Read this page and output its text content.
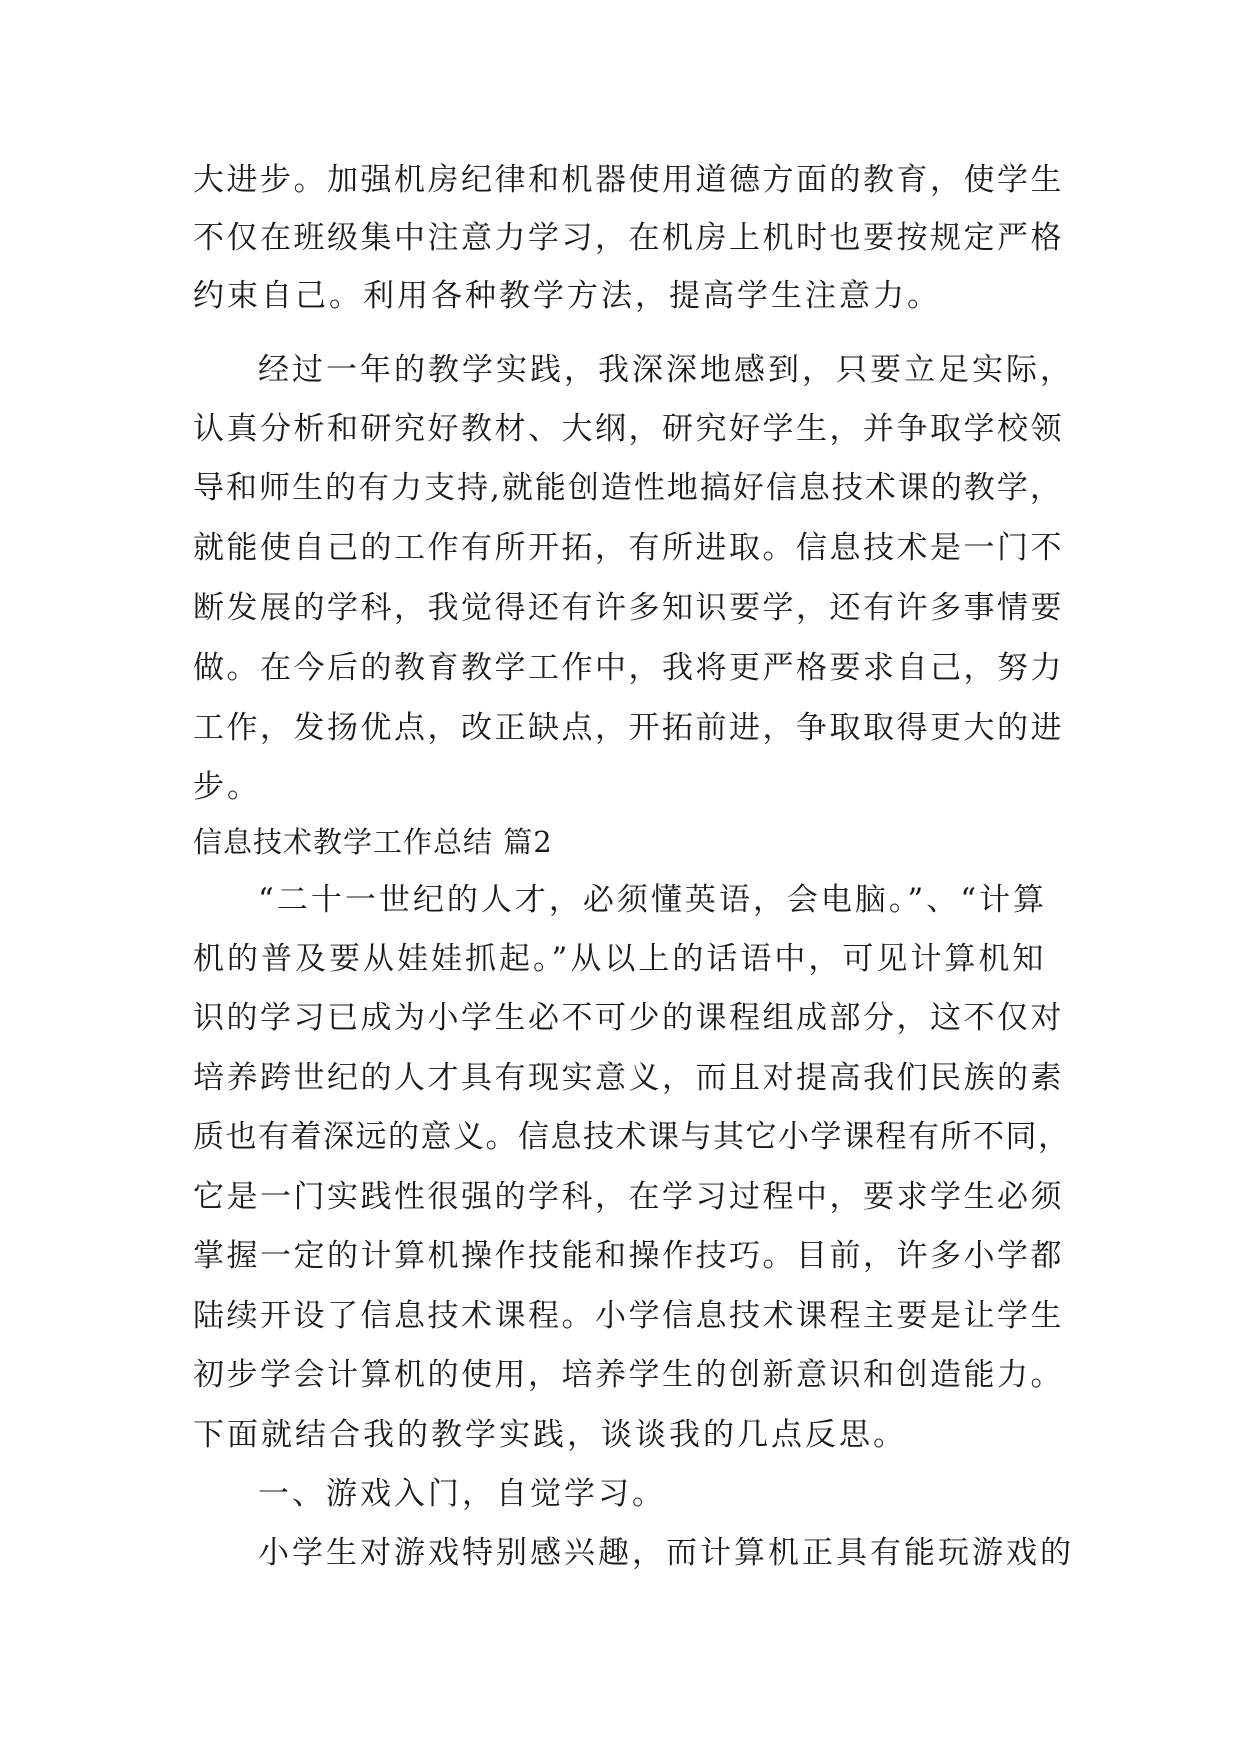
大进步。加强机房纪律和机器使用道德方面的教育，使学生
不仅在班级集中注意力学习，在机房上机时也要按规定严格
约束自己。利用各种教学方法，提高学生注意力。
经过一年的教学实践，我深深地感到，只要立足实际，
认真分析和研究好教材、大纲，研究好学生，并争取学校领
导和师生的有力支持,就能创造性地搞好信息技术课的教学，
就能使自己的工作有所开拓，有所进取。信息技术是一门不
断发展的学科，我觉得还有许多知识要学，还有许多事情要
做。在今后的教育教学工作中，我将更严格要求自己，努力
工作，发扬优点，改正缺点，开拓前进，争取取得更大的进
步。
信息技术教学工作总结 篇2
“二十一世纪的人才，必须懂英语，会电脑。”、“计算
机的普及要从娃娃抓起。”从以上的话语中，可见计算机知
识的学习已成为小学生必不可少的课程组成部分，这不仅对
培养跨世纪的人才具有现实意义，而且对提高我们民族的素
质也有着深远的意义。信息技术课与其它小学课程有所不同，
它是一门实践性很强的学科，在学习过程中，要求学生必须
掌握一定的计算机操作技能和操作技巧。目前，许多小学都
陆续开设了信息技术课程。小学信息技术课程主要是让学生
初步学会计算机的使用，培养学生的创新意识和创造能力。
下面就结合我的教学实践，谈谈我的几点反思。
一、游戏入门，自觉学习。
小学生对游戏特别感兴趣，而计算机正具有能玩游戏的
